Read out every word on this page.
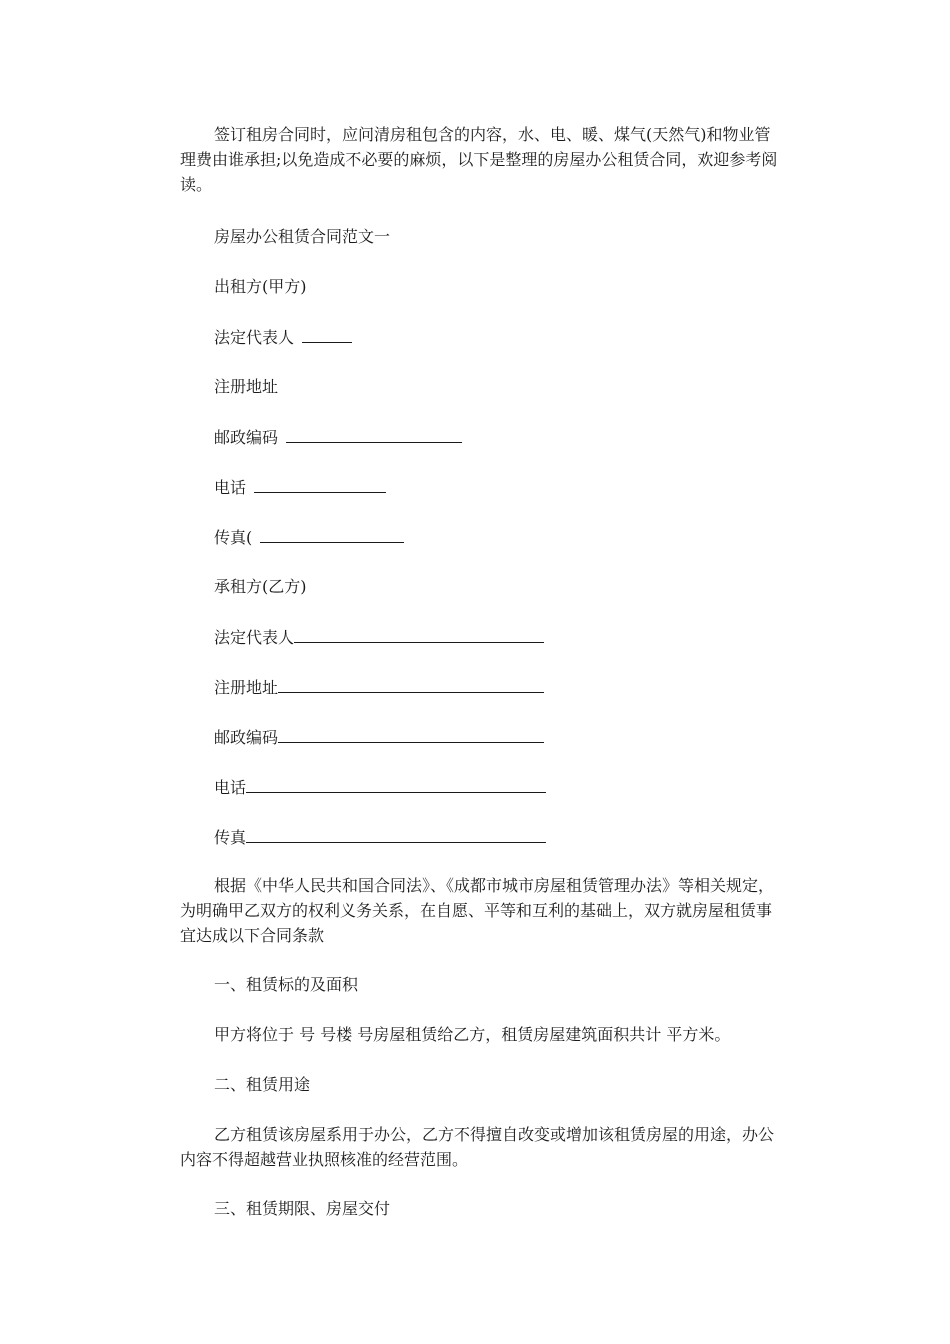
签订租房合同时，应问清房租包含的内容，水、电、暖、煤气(天然气)和物业管理费由谁承担;以免造成不必要的麻烦，以下是整理的房屋办公租赁合同，欢迎参考阅读。
房屋办公租赁合同范文一
出租方(甲方)
法定代表人
注册地址
邮政编码
电话
传真(
承租方(乙方)
法定代表人
注册地址
邮政编码
电话
传真
根据《中华人民共和国合同法》、《成都市城市房屋租赁管理办法》等相关规定，为明确甲乙双方的权利义务关系，在自愿、平等和互利的基础上，双方就房屋租赁事宜达成以下合同条款
一、租赁标的及面积
甲方将位于 号 号楼 号房屋租赁给乙方，租赁房屋建筑面积共计 平方米。
二、租赁用途
乙方租赁该房屋系用于办公，乙方不得擅自改变或增加该租赁房屋的用途，办公内容不得超越营业执照核准的经营范围。
三、租赁期限、房屋交付
